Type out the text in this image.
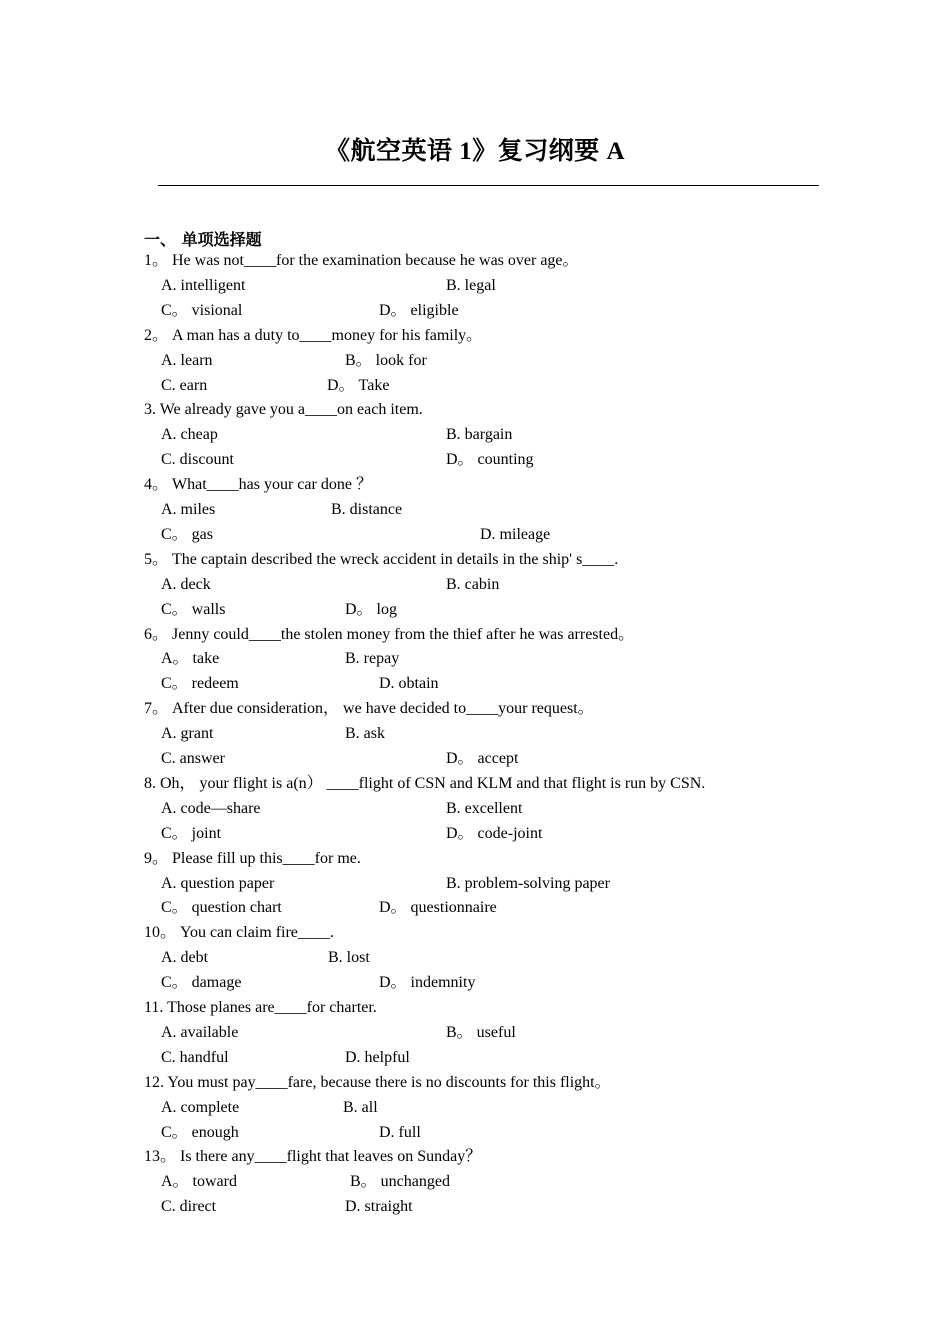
《航空英语 1》复习纲要 A
一、 单项选择题
1。 He was not____for the examination because he was over age。
A. intelligent	B. legal
C。 visional	D。 eligible
2。 A man has a duty to____money for his family。
A. learn	B。 look for
C. earn	D。 Take
3. We already gave you a____on each item.
A. cheap	B. bargain
C. discount	D。 counting
4。 What____has your car done ？
A. miles	B. distance
C。 gas	D. mileage
5。 The captain described the wreck accident in details in the ship' s____.
A. deck	B. cabin
C。 walls	D。 log
6。 Jenny could____the stolen money from the thief after he was arrested。
A。 take	B. repay
C。 redeem	D. obtain
7。 After due consideration， we have decided to____your request。
A. grant	B. ask
C. answer	D。 accept
8. Oh， your flight is a(n） ____flight of CSN and KLM and that flight is run by CSN.
A. code—share	B. excellent
C。 joint	D。 code-joint
9。 Please fill up this____for me.
A. question paper	B. problem-solving paper
C。 question chart	D。 questionnaire
10。 You can claim fire____.
A. debt	B. lost
C。 damage	D。 indemnity
11. Those planes are____for charter.
A. available	B。 useful
C. handful	D. helpful
12. You must pay____fare, because there is no discounts for this flight。
A. complete	B. all
C。 enough	D. full
13。 Is there any____flight that leaves on Sunday？
A。 toward	B。 unchanged
C. direct	D. straight
